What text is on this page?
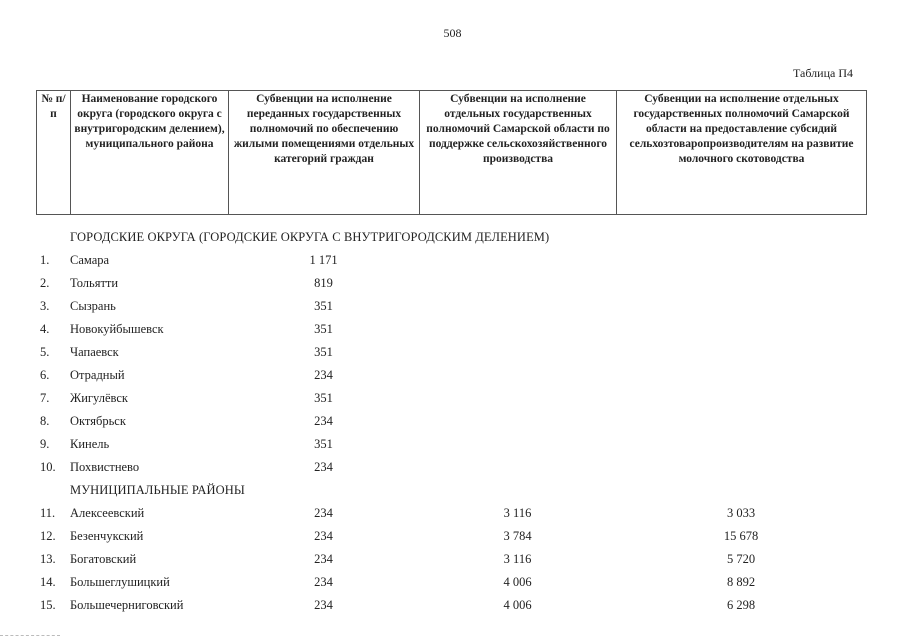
508
Таблица П4
№ п/п	Наименование городского округа (городского округа с внутригородским делением), муниципального района	Субвенции на исполнение переданных государственных полномочий по обеспечению жилыми помещениями отдельных категорий граждан	Субвенции на исполнение отдельных государственных полномочий Самарской области по поддержке сельскохозяйственного производства	Субвенции на исполнение отдельных государственных полномочий Самарской области на предоставление субсидий сельхозтоваропроизводителям на развитие молочного скотоводства
ГОРОДСКИЕ ОКРУГА (ГОРОДСКИЕ ОКРУГА С ВНУТРИГОРОДСКИМ ДЕЛЕНИЕМ)
1.	Самара	1 171
2.	Тольятти	819
3.	Сызрань	351
4.	Новокуйбышевск	351
5.	Чапаевск	351
6.	Отрадный	234
7.	Жигулёвск	351
8.	Октябрьск	234
9.	Кинель	351
10.	Похвистнево	234
МУНИЦИПАЛЬНЫЕ РАЙОНЫ
11.	Алексеевский	234	3 116	3 033
12.	Безенчукский	234	3 784	15 678
13.	Богатовский	234	3 116	5 720
14.	Большеглушицкий	234	4 006	8 892
15.	Большечерниговский	234	4 006	6 298
